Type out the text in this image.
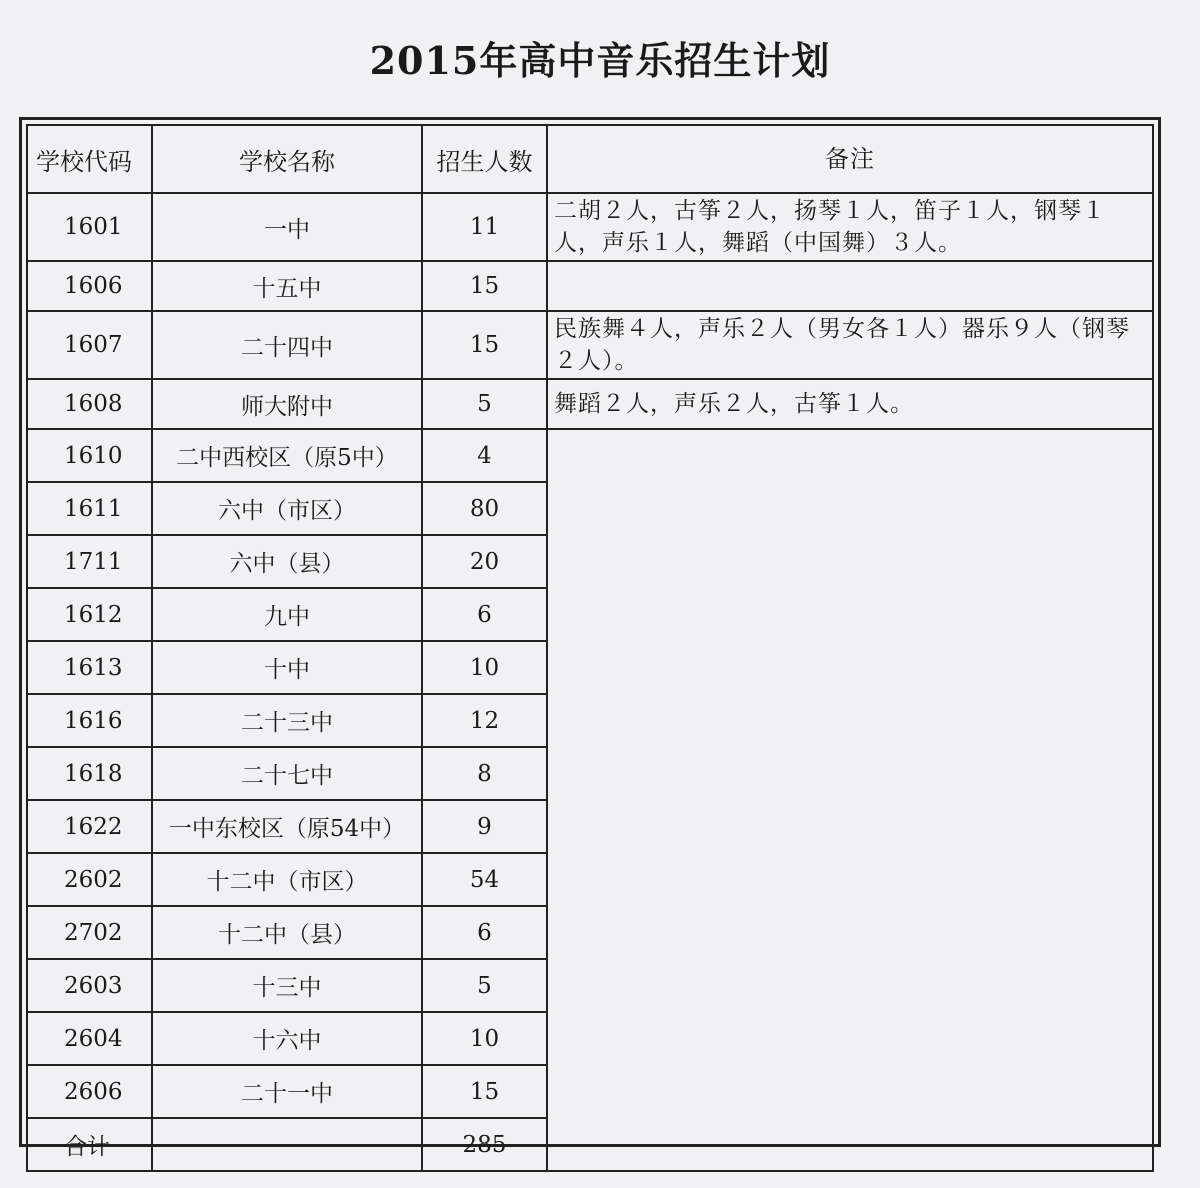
2015年高中音乐招生计划
学校代码	学校名称	招生人数	备注
1601	一中	11	二胡２人，古筝２人，扬琴１人，笛子１人，钢琴１人，声乐１人，舞蹈（中国舞）３人。
1606	十五中	15	
1607	二十四中	15	民族舞４人，声乐２人（男女各１人）器乐９人（钢琴２人）。
1608	师大附中	5	舞蹈２人，声乐２人，古筝１人。
1610	二中西校区（原5中）	4	
1611	六中（市区）	80	
1711	六中（县）	20	
1612	九中	6	
1613	十中	10	
1616	二十三中	12	
1618	二十七中	8	
1622	一中东校区（原54中）	9	
2602	十二中（市区）	54	
2702	十二中（县）	6	
2603	十三中	5	
2604	十六中	10	
2606	二十一中	15	
合计		285	
